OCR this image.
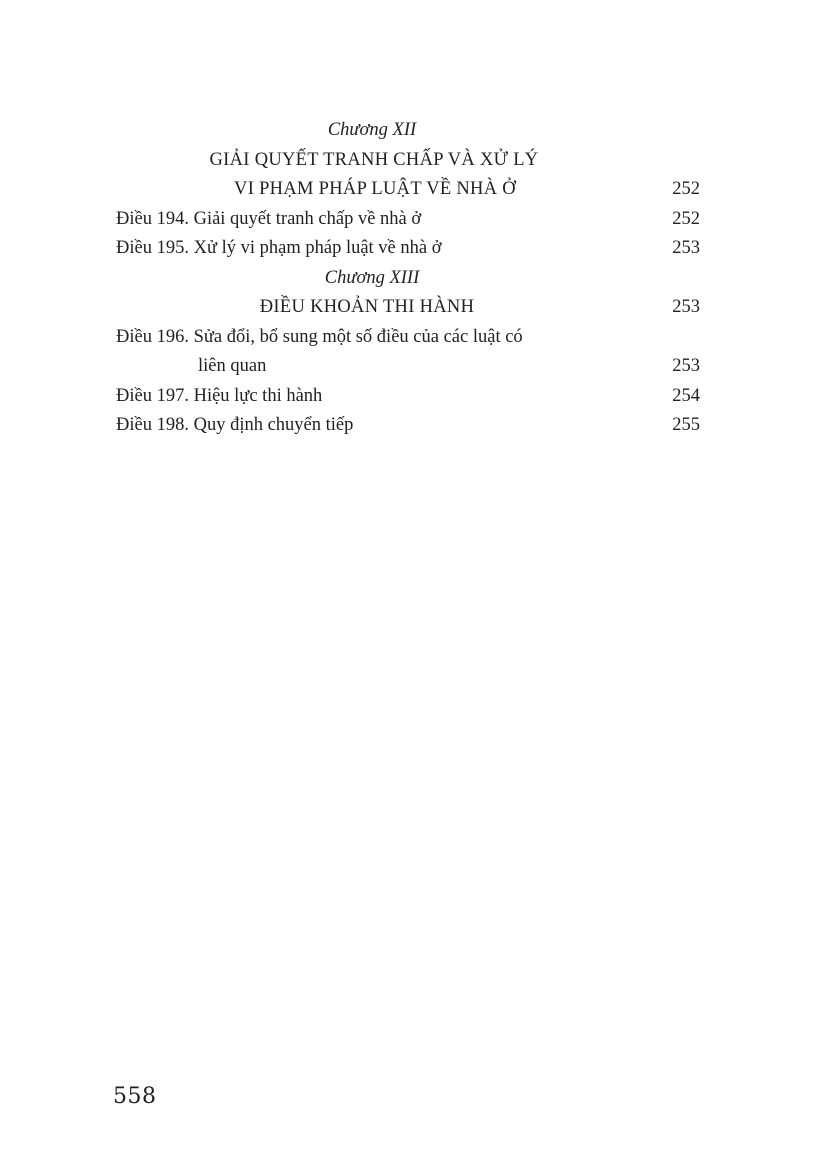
Chương XII
GIẢI QUYẾT TRANH CHẤP VÀ XỬ LÝ
VI PHẠM PHÁP LUẬT VỀ NHÀ Ở	252
Điều 194. Giải quyết tranh chấp về nhà ở	252
Điều 195. Xử lý vi phạm pháp luật về nhà ở	253
Chương XIII
ĐIỀU KHOẢN THI HÀNH	253
Điều 196. Sửa đổi, bổ sung một số điều của các luật có
liên quan	253
Điều 197. Hiệu lực thi hành	254
Điều 198. Quy định chuyển tiếp	255
558
